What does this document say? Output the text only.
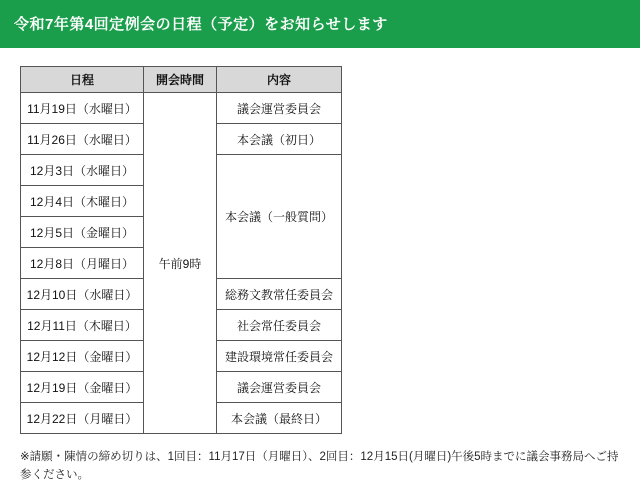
令和7年第4回定例会の日程（予定）をお知らせします
日程	開会時間	内容
11月19日（水曜日）	午前9時	議会運営委員会
11月26日（水曜日）		本会議（初日）
12月3日（水曜日）		本会議（一般質問）
12月4日（木曜日）		
12月5日（金曜日）		
12月8日（月曜日）		
12月10日（水曜日）		総務文教常任委員会
12月11日（木曜日）		社会常任委員会
12月12日（金曜日）		建設環境常任委員会
12月19日（金曜日）		議会運営委員会
12月22日（月曜日）		本会議（最終日）
※請願・陳情の締め切りは、1回目：11月17日（月曜日）、2回目：12月15日(月曜日)午後5時までに議会事務局へご持参ください。
